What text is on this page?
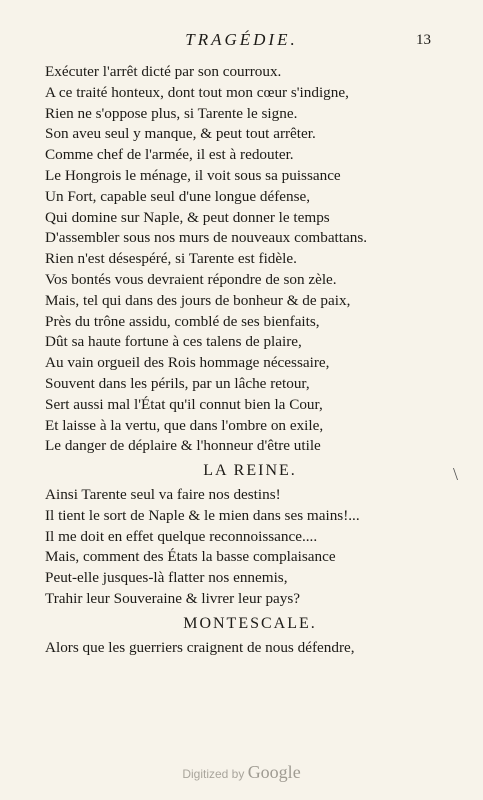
TRAGÉDIE.	13
Exécuter l'arrêt dicté par son courroux.
A ce traité honteux, dont tout mon cœur s'indigne,
Rien ne s'oppose plus, si Tarente le signe.
Son aveu seul y manque, & peut tout arrêter.
Comme chef de l'armée, il est à redouter.
Le Hongrois le ménage, il voit sous sa puissance
Un Fort, capable seul d'une longue défense,
Qui domine sur Naple, & peut donner le temps
D'assembler sous nos murs de nouveaux combattans.
Rien n'est désespéré, si Tarente est fidèle.
Vos bontés vous devraient répondre de son zèle.
Mais, tel qui dans des jours de bonheur & de paix,
Près du trône assidu, comblé de ses bienfaits,
Dût sa haute fortune à ces talens de plaire,
Au vain orgueil des Rois hommage nécessaire,
Souvent dans les périls, par un lâche retour,
Sert aussi mal l'État qu'il connut bien la Cour,
Et laisse à la vertu, que dans l'ombre on exile,
Le danger de déplaire & l'honneur d'être utile
LA REINE.
Ainsi Tarente seul va faire nos destins!
Il tient le sort de Naple & le mien dans ses mains!...
Il me doit en effet quelque reconnoissance....
Mais, comment des États la basse complaisance
Peut-elle jusques-là flatter nos ennemis,
Trahir leur Souveraine & livrer leur pays?
MONTESCALE.
Alors que les guerriers craignent de nous défendre,
\
Digitized by Google
